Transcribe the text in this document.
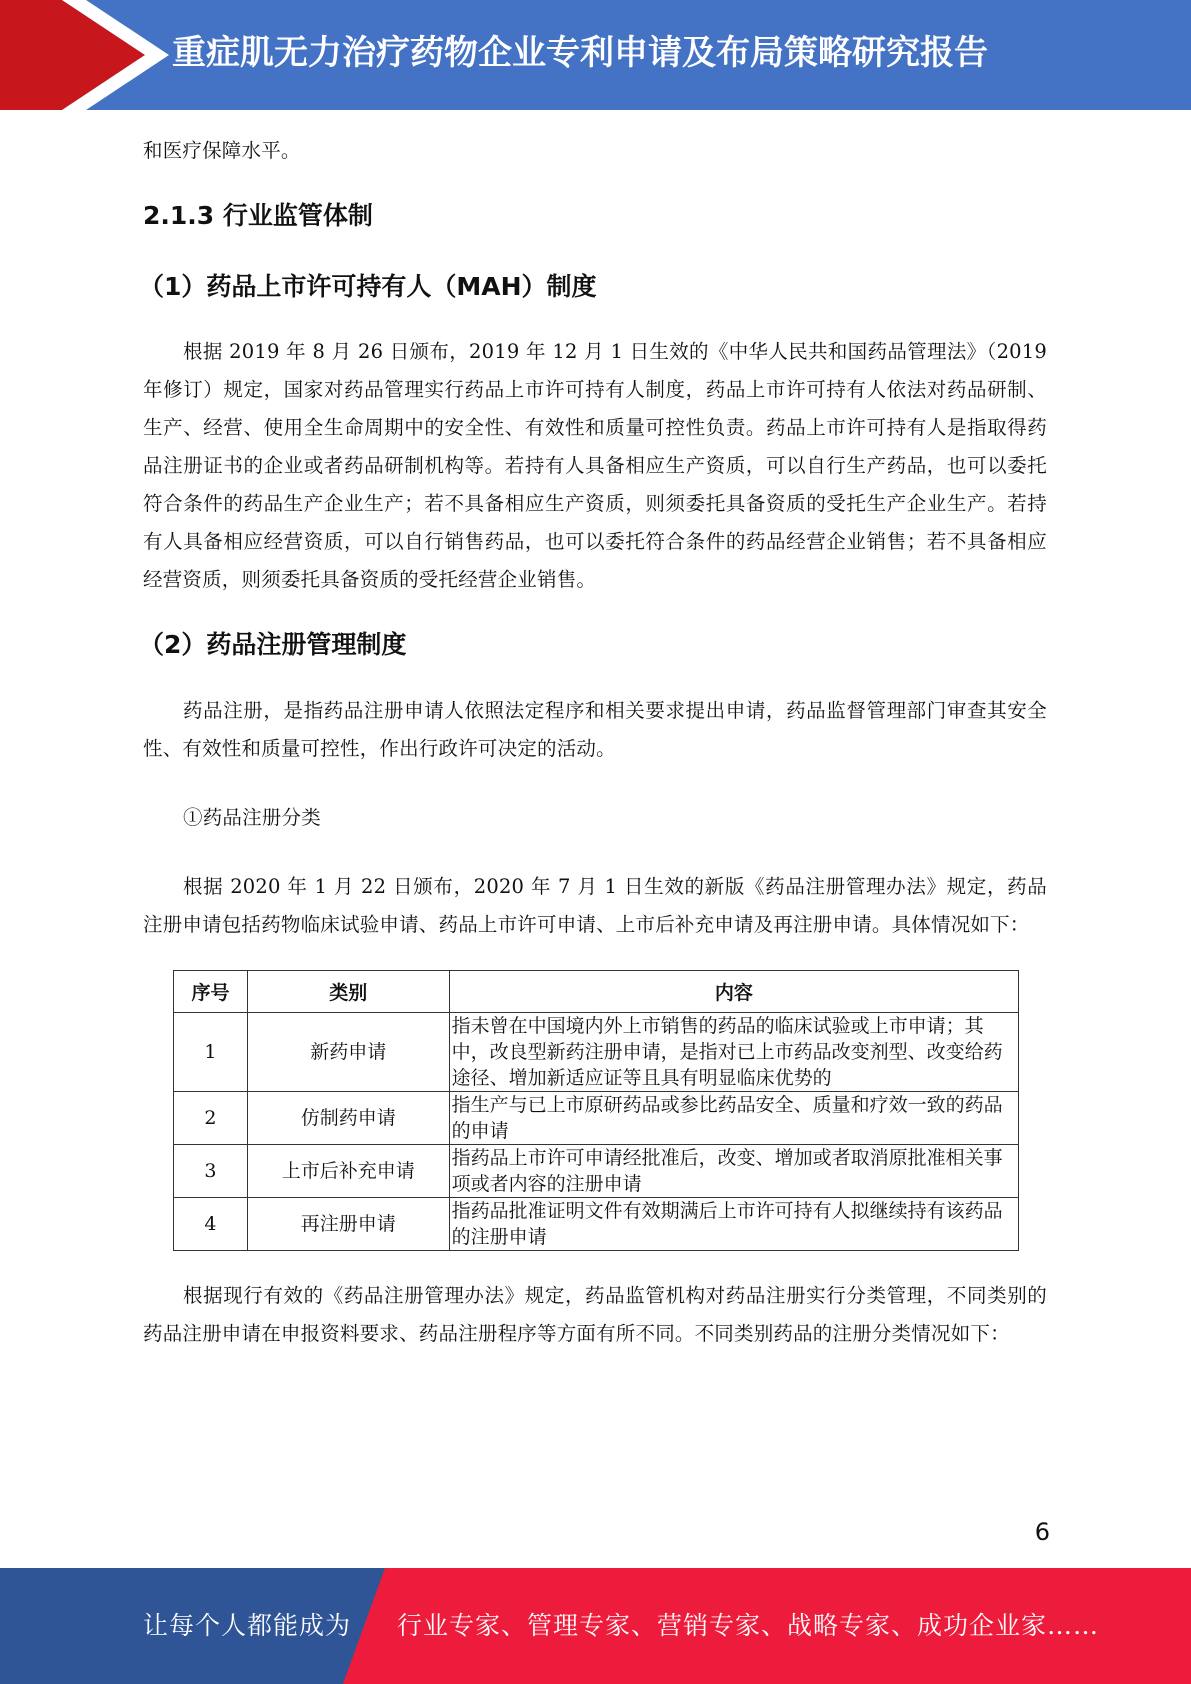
重症肌无力治疗药物企业专利申请及布局策略研究报告

和医疗保障水平。

2.1.3 行业监管体制
（1）药品上市许可持有人（MAH）制度

根据 2019 年 8 月 26 日颁布，2019 年 12 月 1 日生效的《中华人民共和国药品管理法》（2019 年修订）规定，国家对药品管理实行药品上市许可持有人制度，药品上市许可持有人依法对药品研制、生产、经营、使用全生命周期中的安全性、有效性和质量可控性负责。药品上市许可持有人是指取得药品注册证书的企业或者药品研制机构等。若持有人具备相应生产资质，可以自行生产药品，也可以委托符合条件的药品生产企业生产；若不具备相应生产资质，则须委托具备资质的受托生产企业生产。若持有人具备相应经营资质，可以自行销售药品，也可以委托符合条件的药品经营企业销售；若不具备相应经营资质，则须委托具备资质的受托经营企业销售。

（2）药品注册管理制度

药品注册，是指药品注册申请人依照法定程序和相关要求提出申请，药品监督管理部门审查其安全性、有效性和质量可控性，作出行政许可决定的活动。

①药品注册分类

根据 2020 年 1 月 22 日颁布，2020 年 7 月 1 日生效的新版《药品注册管理办法》规定，药品注册申请包括药物临床试验申请、药品上市许可申请、上市后补充申请及再注册申请。具体情况如下：

序号	类别	内容
1	新药申请	指未曾在中国境内外上市销售的药品的临床试验或上市申请；其中，改良型新药注册申请，是指对已上市药品改变剂型、改变给药途径、增加新适应证等且具有明显临床优势的
2	仿制药申请	指生产与已上市原研药品或参比药品安全、质量和疗效一致的药品的申请
3	上市后补充申请	指药品上市许可申请经批准后，改变、增加或者取消原批准相关事项或者内容的注册申请
4	再注册申请	指药品批准证明文件有效期满后上市许可持有人拟继续持有该药品的注册申请

根据现行有效的《药品注册管理办法》规定，药品监管机构对药品注册实行分类管理，不同类别的药品注册申请在申报资料要求、药品注册程序等方面有所不同。不同类别药品的注册分类情况如下：

6
让每个人都能成为 行业专家、管理专家、营销专家、战略专家、成功企业家……
